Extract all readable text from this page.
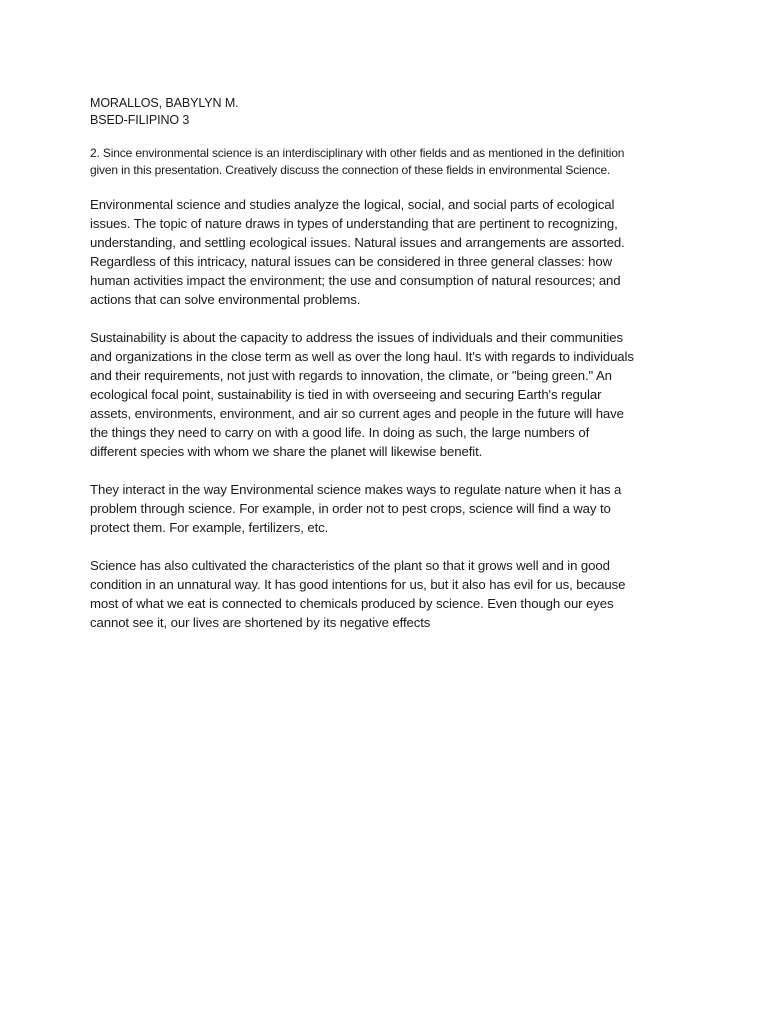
MORALLOS, BABYLYN M.

BSED-FILIPINO 3

2. Since environmental science is an interdisciplinary with other fields and as mentioned in the definition
given in this presentation. Creatively discuss the connection of these fields in environmental Science.

Environmental science and studies analyze the logical, social, and social parts of ecological
issues. The topic of nature draws in types of understanding that are pertinent to recognizing,
understanding, and settling ecological issues. Natural issues and arrangements are assorted.
Regardless of this intricacy, natural issues can be considered in three general classes: how
human activities impact the environment; the use and consumption of natural resources; and
actions that can solve environmental problems.

Sustainability is about the capacity to address the issues of individuals and their communities
and organizations in the close term as well as over the long haul. It's with regards to individuals
and their requirements, not just with regards to innovation, the climate, or "being green." An
ecological focal point, sustainability is tied in with overseeing and securing Earth's regular
assets, environments, environment, and air so current ages and people in the future will have
the things they need to carry on with a good life. In doing as such, the large numbers of
different species with whom we share the planet will likewise benefit.

They interact in the way Environmental science makes ways to regulate nature when it has a
problem through science. For example, in order not to pest crops, science will find a way to
protect them. For example, fertilizers, etc.

Science has also cultivated the characteristics of the plant so that it grows well and in good
condition in an unnatural way. It has good intentions for us, but it also has evil for us, because
most of what we eat is connected to chemicals produced by science. Even though our eyes
cannot see it, our lives are shortened by its negative effects
